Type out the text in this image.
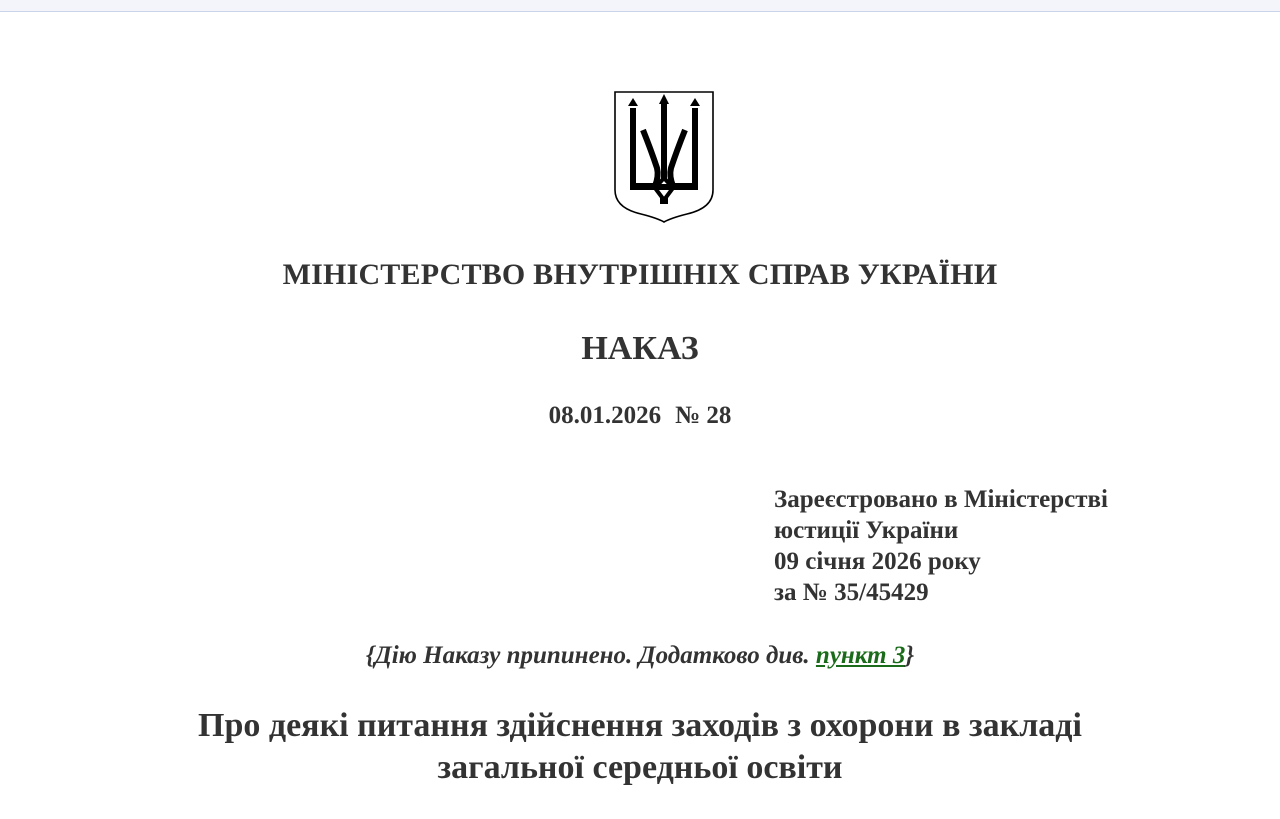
МІНІСТЕРСТВО ВНУТРІШНІХ СПРАВ УКРАЇНИ
НАКАЗ
08.01.2026 № 28
Зареєстровано в Міністерстві
юстиції України
09 січня 2026 року
за № 35/45429
{Дію Наказу припинено. Додатково див. пункт 3}
Про деякі питання здійснення заходів з охорони в закладі
загальної середньої освіти
